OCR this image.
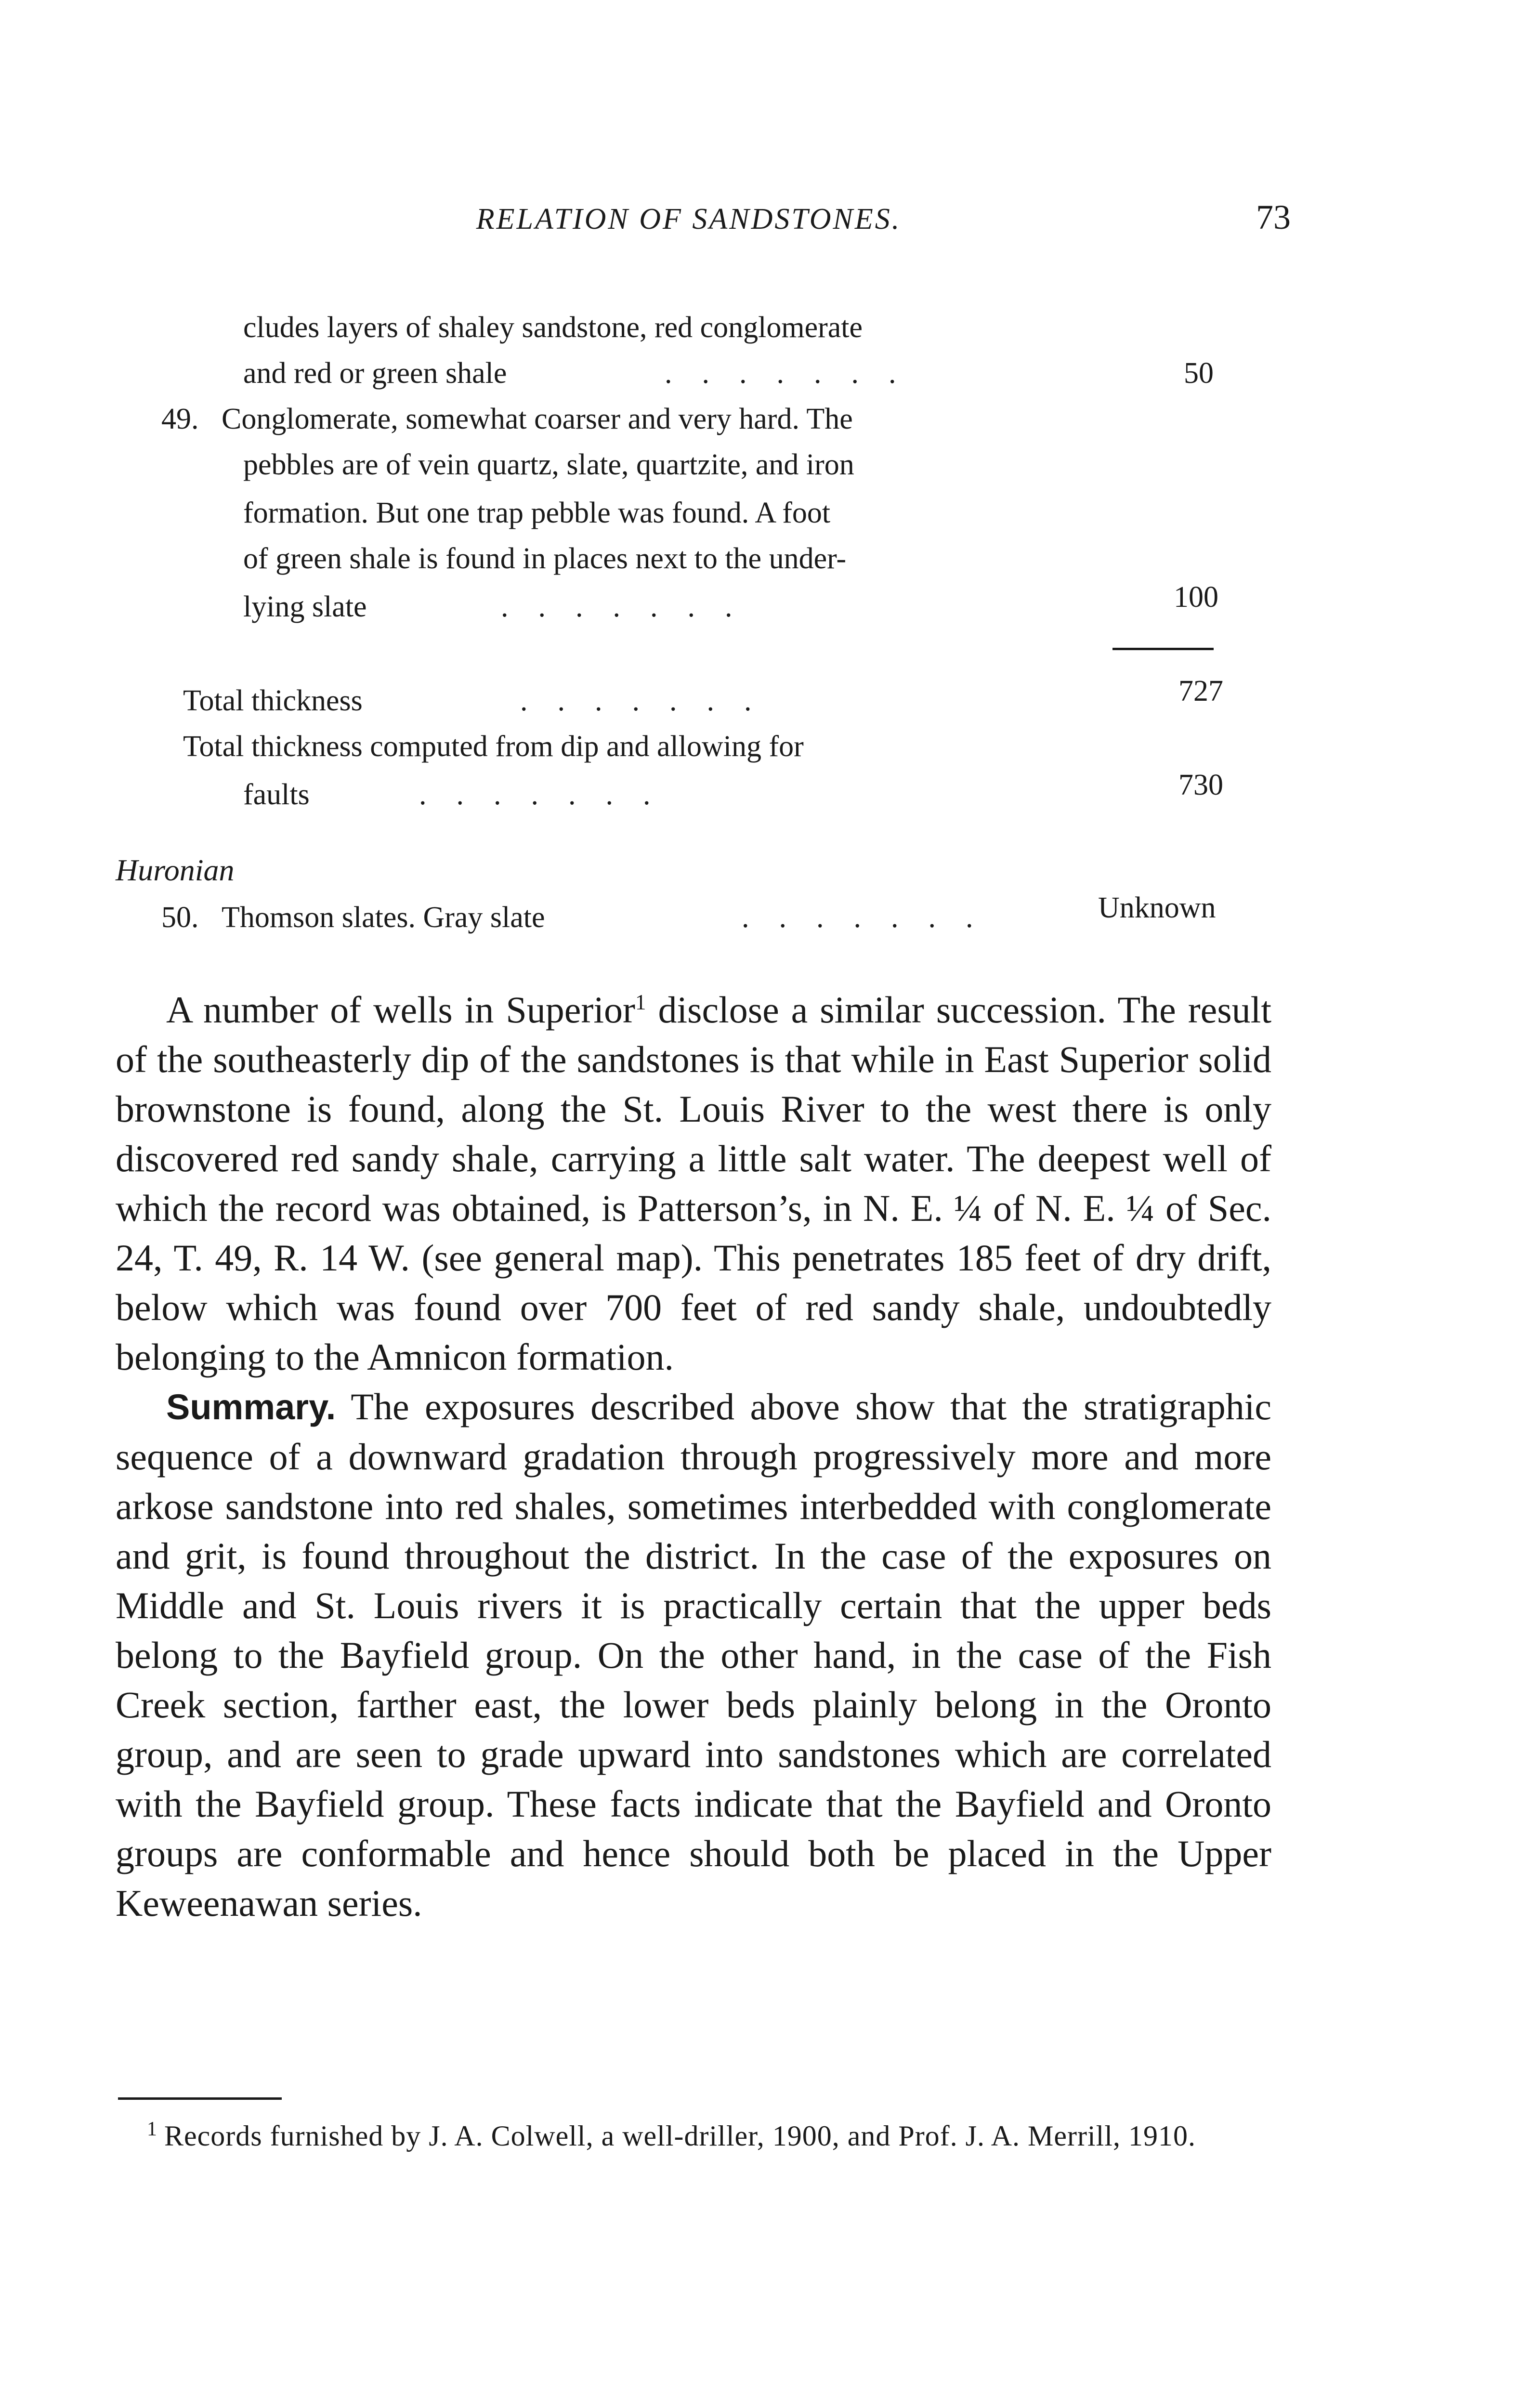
RELATION OF SANDSTONES.	73
cludes layers of shaley sandstone, red conglomerate
and red or green shale	.......	50
49. Conglomerate, somewhat coarser and very hard. The
pebbles are of vein quartz, slate, quartzite, and iron
formation. But one trap pebble was found. A foot
of green shale is found in places next to the under-
lying slate	.......	100
Total thickness	.......	727
Total thickness computed from dip and allowing for
faults	.......	730
Huronian
50. Thomson slates. Gray slate	.......	Unknown

A number of wells in Superior$^1$ disclose a similar succession. The result of the southeasterly dip of the sandstones is that while in East Superior solid brownstone is found, along the St. Louis River to the west there is only discovered red sandy shale, carrying a little salt water. The deepest well of which the record was obtained, is Patterson’s, in N. E. ¼ of N. E. ¼ of Sec. 24, T. 49, R. 14 W. (see general map). This penetrates 185 feet of dry drift, below which was found over 700 feet of red sandy shale, undoubtedly belonging to the Amnicon formation.

Summary. The exposures described above show that the stratigraphic sequence of a downward gradation through progressively more and more arkose sandstone into red shales, sometimes interbedded with conglomerate and grit, is found throughout the district. In the case of the exposures on Middle and St. Louis rivers it is practically certain that the upper beds belong to the Bayfield group. On the other hand, in the case of the Fish Creek section, farther east, the lower beds plainly belong in the Oronto group, and are seen to grade upward into sandstones which are correlated with the Bayfield group. These facts indicate that the Bayfield and Oronto groups are conformable and hence should both be placed in the Upper Keweenawan series.

$^1$ Records furnished by J. A. Colwell, a well-driller, 1900, and Prof. J. A. Merrill, 1910.
